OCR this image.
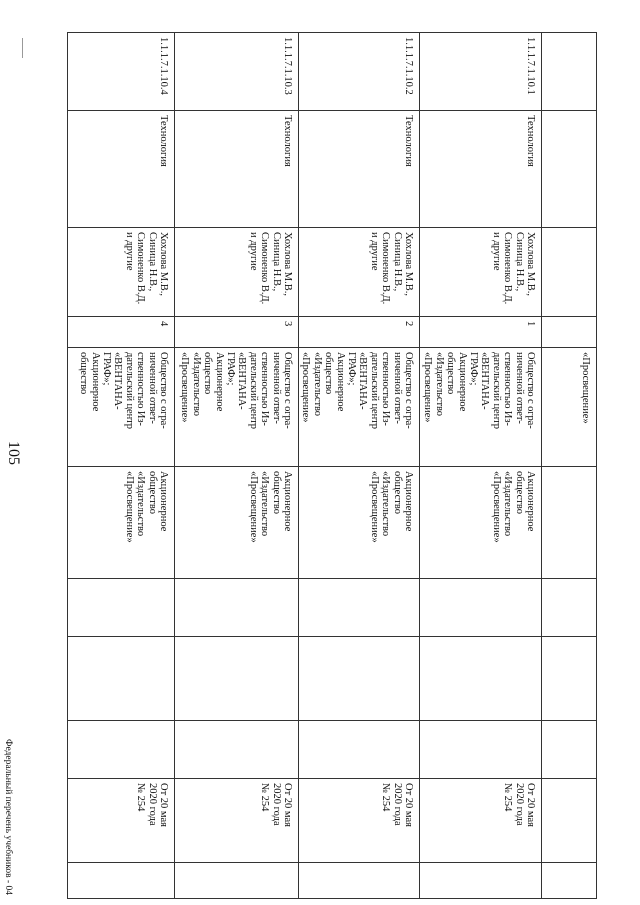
105
Федеральный перечень учебников - 04
«Просвещение»
1.1.1.7.1.10.1
Технология
Хохлова М.В.,
Синица Н.В.,
Симоненко В.Д.
и другие
1
Общество с огра-
ниченной ответ-
ственностью Из-
дательский центр
«ВЕНТАНА-
ГРАФ»;
Акционерное
общество
«Издательство
«Просвещение»
Акционерное
общество
«Издательство
«Просвещение»
От 20 мая
2020 года
№ 254
1.1.1.7.1.10.2
Технология
Хохлова М.В.,
Синица Н.В.,
Симоненко В.Д.
и другие
2
Общество с огра-
ниченной ответ-
ственностью Из-
дательский центр
«ВЕНТАНА-
ГРАФ»;
Акционерное
общество
«Издательство
«Просвещение»
Акционерное
общество
«Издательство
«Просвещение»
От 20 мая
2020 года
№ 254
1.1.1.7.1.10.3
Технология
Хохлова М.В.,
Синица Н.В.,
Симоненко В.Д.
и другие
3
Общество с огра-
ниченной ответ-
ственностью Из-
дательский центр
«ВЕНТАНА-
ГРАФ»;
Акционерное
общество
«Издательство
«Просвещение»
Акционерное
общество
«Издательство
«Просвещение»
От 20 мая
2020 года
№ 254
1.1.1.7.1.10.4
Технология
Хохлова М.В.,
Синица Н.В.,
Симоненко В.Д.
и другие
4
Общество с огра-
ниченной ответ-
ственностью Из-
дательский центр
«ВЕНТАНА-
ГРАФ»;
Акционерное
общество
Акционерное
общество
«Издательство
«Просвещение»
От 20 мая
2020 года
№ 254
